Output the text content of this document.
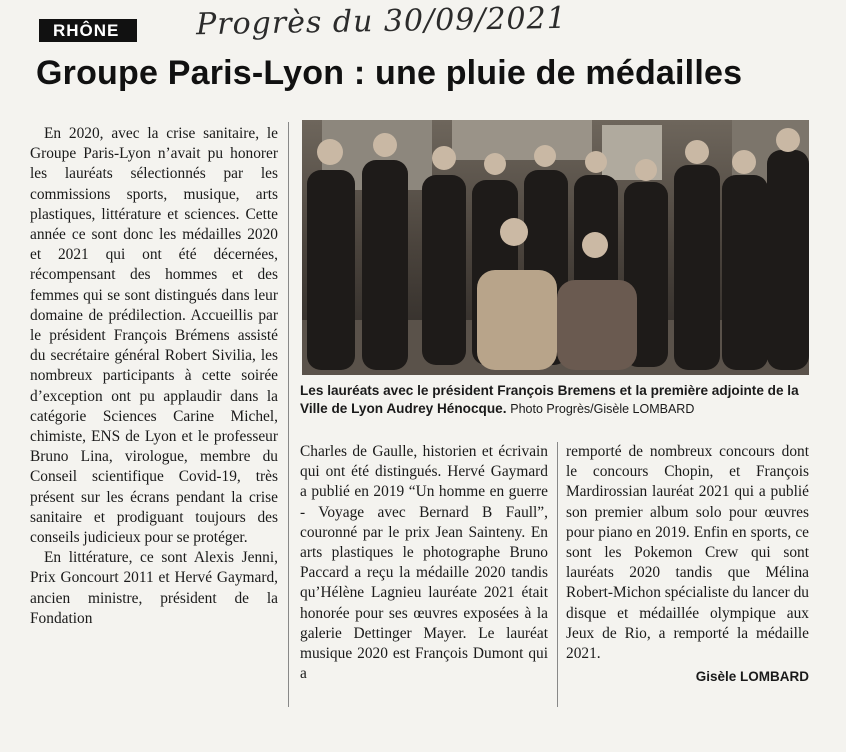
RHÔNE	Progrès du 30/09/2021
Groupe Paris-Lyon : une pluie de médailles

En 2020, avec la crise sanitaire, le Groupe Paris-Lyon n’avait pu honorer les lauréats sélectionnés par les commissions sports, musique, arts plastiques, littérature et sciences. Cette année ce sont donc les médailles 2020 et 2021 qui ont été décernées, récompensant des hommes et des femmes qui se sont distingués dans leur domaine de prédilection. Accueillis par le président François Brémens assisté du secrétaire général Robert Sivilia, les nombreux participants à cette soirée d’exception ont pu applaudir dans la catégorie Sciences Carine Michel, chimiste, ENS de Lyon et le professeur Bruno Lina, virologue, membre du Conseil scientifique Covid-19, très présent sur les écrans pendant la crise sanitaire et prodiguant toujours des conseils judicieux pour se protéger.

En littérature, ce sont Alexis Jenni, Prix Goncourt 2011 et Hervé Gaymard, ancien ministre, président de la Fondation

Les lauréats avec le président François Bremens et la première adjointe de la Ville de Lyon Audrey Hénocque. Photo Progrès/Gisèle LOMBARD

Charles de Gaulle, historien et écrivain qui ont été distingués. Hervé Gaymard a publié en 2019 “Un homme en guerre - Voyage avec Bernard B Faull”, couronné par le prix Jean Sainteny. En arts plastiques le photographe Bruno Paccard a reçu la médaille 2020 tandis qu’Hélène Lagnieu lauréate 2021 était honorée pour ses œuvres exposées à la galerie Dettinger Mayer. Le lauréat musique 2020 est François Dumont qui a

remporté de nombreux concours dont le concours Chopin, et François Mardirossian lauréat 2021 qui a publié son premier album solo pour œuvres pour piano en 2019. Enfin en sports, ce sont les Pokemon Crew qui sont lauréats 2020 tandis que Mélina Robert-Michon spécialiste du lancer du disque et médaillée olympique aux Jeux de Rio, a remporté la médaille 2021.

Gisèle LOMBARD
